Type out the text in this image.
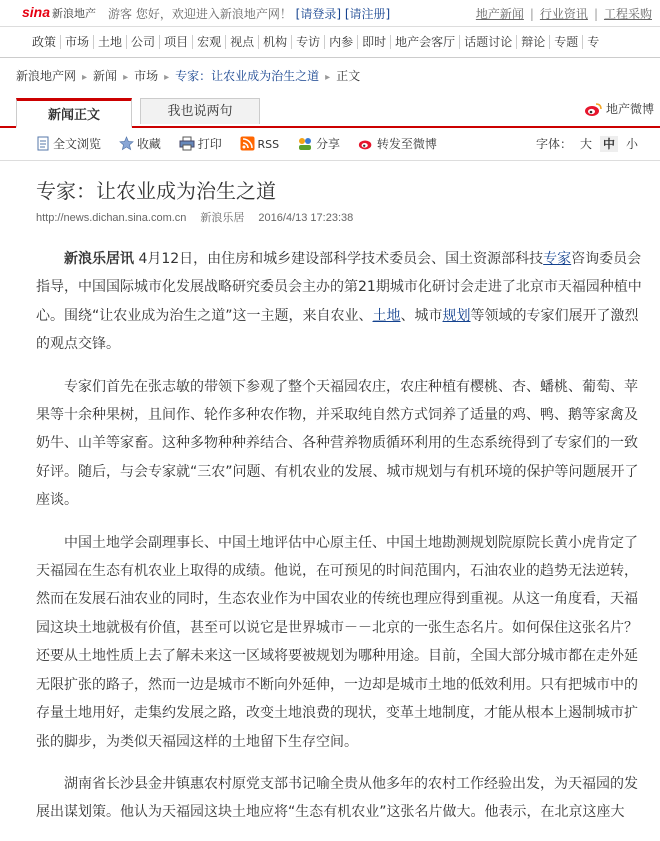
sina 新浪地产 游客 您好，欢迎进入新浪地产网！ [请登录] [请注册]	地产新闻 | 行业资讯 | 工程采购
政策 市场 土地 公司 项目 宏观 视点 机构 专访 内参 即时 地产会客厅 话题讨论 辩论 专题 专
新浪地产网 ▸ 新闻 ▸ 市场 ▸ 专家：让农业成为治生之道 ▸ 正文
新闻正文	我也说两句	地产微博
全文浏览	收藏	打印	RSS	分享	转发至微博	字体： 大 中 小
专家：让农业成为治生之道
http://news.dichan.sina.com.cn 新浪乐居 2016/4/13 17:23:38

新浪乐居讯 4月12日，由住房和城乡建设部科学技术委员会、国土资源部科技专家咨询委员会指导，中国国际城市化发展战略研究委员会主办的第21期城市化研讨会走进了北京市天福园种植中心。围绕“让农业成为治生之道”这一主题，来自农业、土地、城市规划等领域的专家们展开了激烈的观点交锋。

专家们首先在张志敏的带领下参观了整个天福园农庄，农庄种植有樱桃、杏、蟠桃、葡萄、苹果等十余种果树，且间作、轮作多种农作物，并采取纯自然方式饲养了适量的鸡、鸭、鹅等家禽及奶牛、山羊等家畜。这种多物种种养结合、各种营养物质循环利用的生态系统得到了专家们的一致好评。随后，与会专家就“三农”问题、有机农业的发展、城市规划与有机环境的保护等问题展开了座谈。

中国土地学会副理事长、中国土地评估中心原主任、中国土地勘测规划院原院长黄小虎肯定了天福园在生态有机农业上取得的成绩。他说，在可预见的时间范围内，石油农业的趋势无法逆转，然而在发展石油农业的同时，生态农业作为中国农业的传统也理应得到重视。从这一角度看，天福园这块土地就极有价值，甚至可以说它是世界城市－－北京的一张生态名片。如何保住这张名片？还要从土地性质上去了解未来这一区域将要被规划为哪种用途。目前，全国大部分城市都在走外延无限扩张的路子，然而一边是城市不断向外延伸，一边却是城市土地的低效利用。只有把城市中的存量土地用好，走集约发展之路，改变土地浪费的现状，变革土地制度，才能从根本上遏制城市扩张的脚步，为类似天福园这样的土地留下生存空间。

湖南省长沙县金井镇惠农村原党支部书记喻全贵从他多年的农村工作经验出发，为天福园的发展出谋划策。他认为天福园这块土地应将“生态有机农业”这张名片做大。他表示，在北京这座大
